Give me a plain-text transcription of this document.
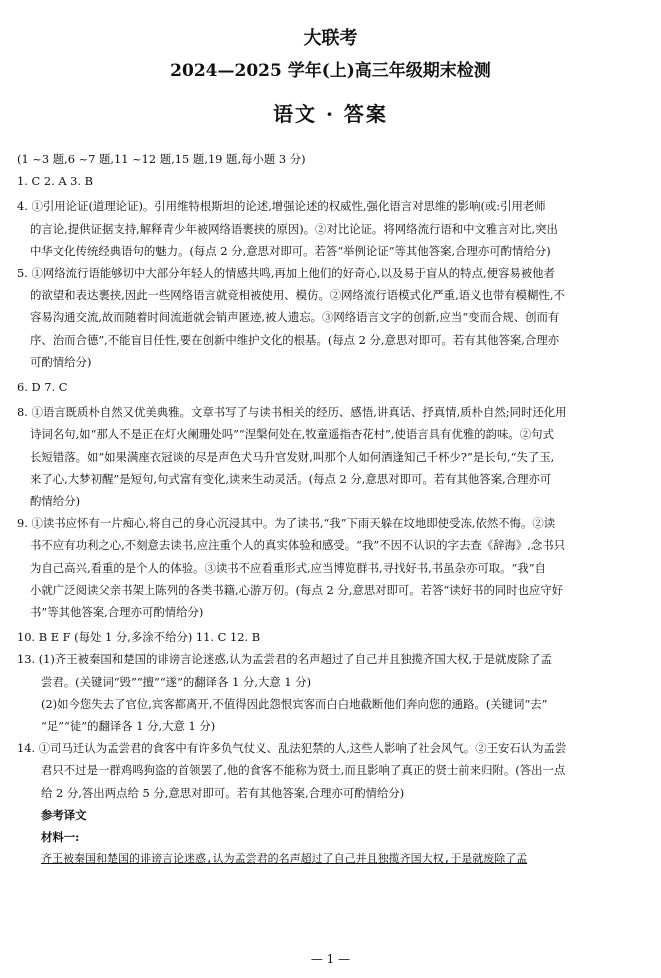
大联考
2024—2025 学年(上)高三年级期末检测
语文 · 答案
(1 ~3 题,6 ~7 题,11 ~12 题,15 题,19 题,每小题 3 分)
1. C 2. A 3. B
4. ①引用论证(道理论证)。引用维特根斯坦的论述,增强论述的权威性,强化语言对思维的影响(或:引用老师
的言论,提供证据支持,解释青少年被网络语裹挟的原因)。②对比论证。将网络流行语和中文雅言对比,突出
中华文化传统经典语句的魅力。(每点 2 分,意思对即可。若答“举例论证”等其他答案,合理亦可酌情给分)
5. ①网络流行语能够切中大部分年轻人的情感共鸣,再加上他们的好奇心,以及易于盲从的特点,便容易被他者
的欲望和表达裹挟,因此一些网络语言就竞相被使用、模仿。②网络流行语模式化严重,语义也带有模糊性,不
容易沟通交流,故而随着时间流逝就会销声匿迹,被人遗忘。③网络语言文字的创新,应当“变而合规、创而有
序、治而合德”,不能盲目任性,要在创新中维护文化的根基。(每点 2 分,意思对即可。若有其他答案,合理亦
可酌情给分)
6. D 7. C
8. ①语言既质朴自然又优美典雅。文章书写了与读书相关的经历、感悟,讲真话、抒真情,质朴自然;同时还化用
诗词名句,如“那人不是正在灯火阑珊处吗”“涅槃何处在,牧童遥指杏花村”,使语言具有优雅的韵味。②句式
长短错落。如“如果满座衣冠谈的尽是声色犬马升官发财,叫那个人如何酒逢知己千杯少?”是长句,“失了玉,
来了心,大梦初醒”是短句,句式富有变化,读来生动灵活。(每点 2 分,意思对即可。若有其他答案,合理亦可
酌情给分)
9. ①读书应怀有一片痴心,将自己的身心沉浸其中。为了读书,“我”下雨天躲在坟地即使受冻,依然不悔。②读
书不应有功利之心,不刻意去读书,应注重个人的真实体验和感受。“我”不因不认识的字去查《辞海》,念书只
为自己高兴,看重的是个人的体验。③读书不应看重形式,应当博览群书,寻找好书,书虽杂亦可取。“我”自
小就广泛阅读父亲书架上陈列的各类书籍,心游万仞。(每点 2 分,意思对即可。若答“读好书的同时也应守好
书”等其他答案,合理亦可酌情给分)
10. B E F (每处 1 分,多涂不给分) 11. C 12. B
13. (1)齐王被秦国和楚国的诽谤言论迷惑,认为孟尝君的名声超过了自己并且独揽齐国大权,于是就废除了孟
尝君。(关键词“毁”“擅”“遂”的翻译各 1 分,大意 1 分)
(2)如今您失去了官位,宾客都离开,不值得因此怨恨宾客而白白地截断他们奔向您的通路。(关键词“去”
“足”“徒”的翻译各 1 分,大意 1 分)
14. ①司马迁认为孟尝君的食客中有许多负气仗义、乱法犯禁的人,这些人影响了社会风气。②王安石认为孟尝
君只不过是一群鸡鸣狗盗的首领罢了,他的食客不能称为贤士,而且影响了真正的贤士前来归附。(答出一点
给 2 分,答出两点给 5 分,意思对即可。若有其他答案,合理亦可酌情给分)
参考译文
材料一:
齐王被秦国和楚国的诽谤言论迷惑,认为孟尝君的名声超过了自己并且独揽齐国大权,于是就废除了孟
— 1 —
